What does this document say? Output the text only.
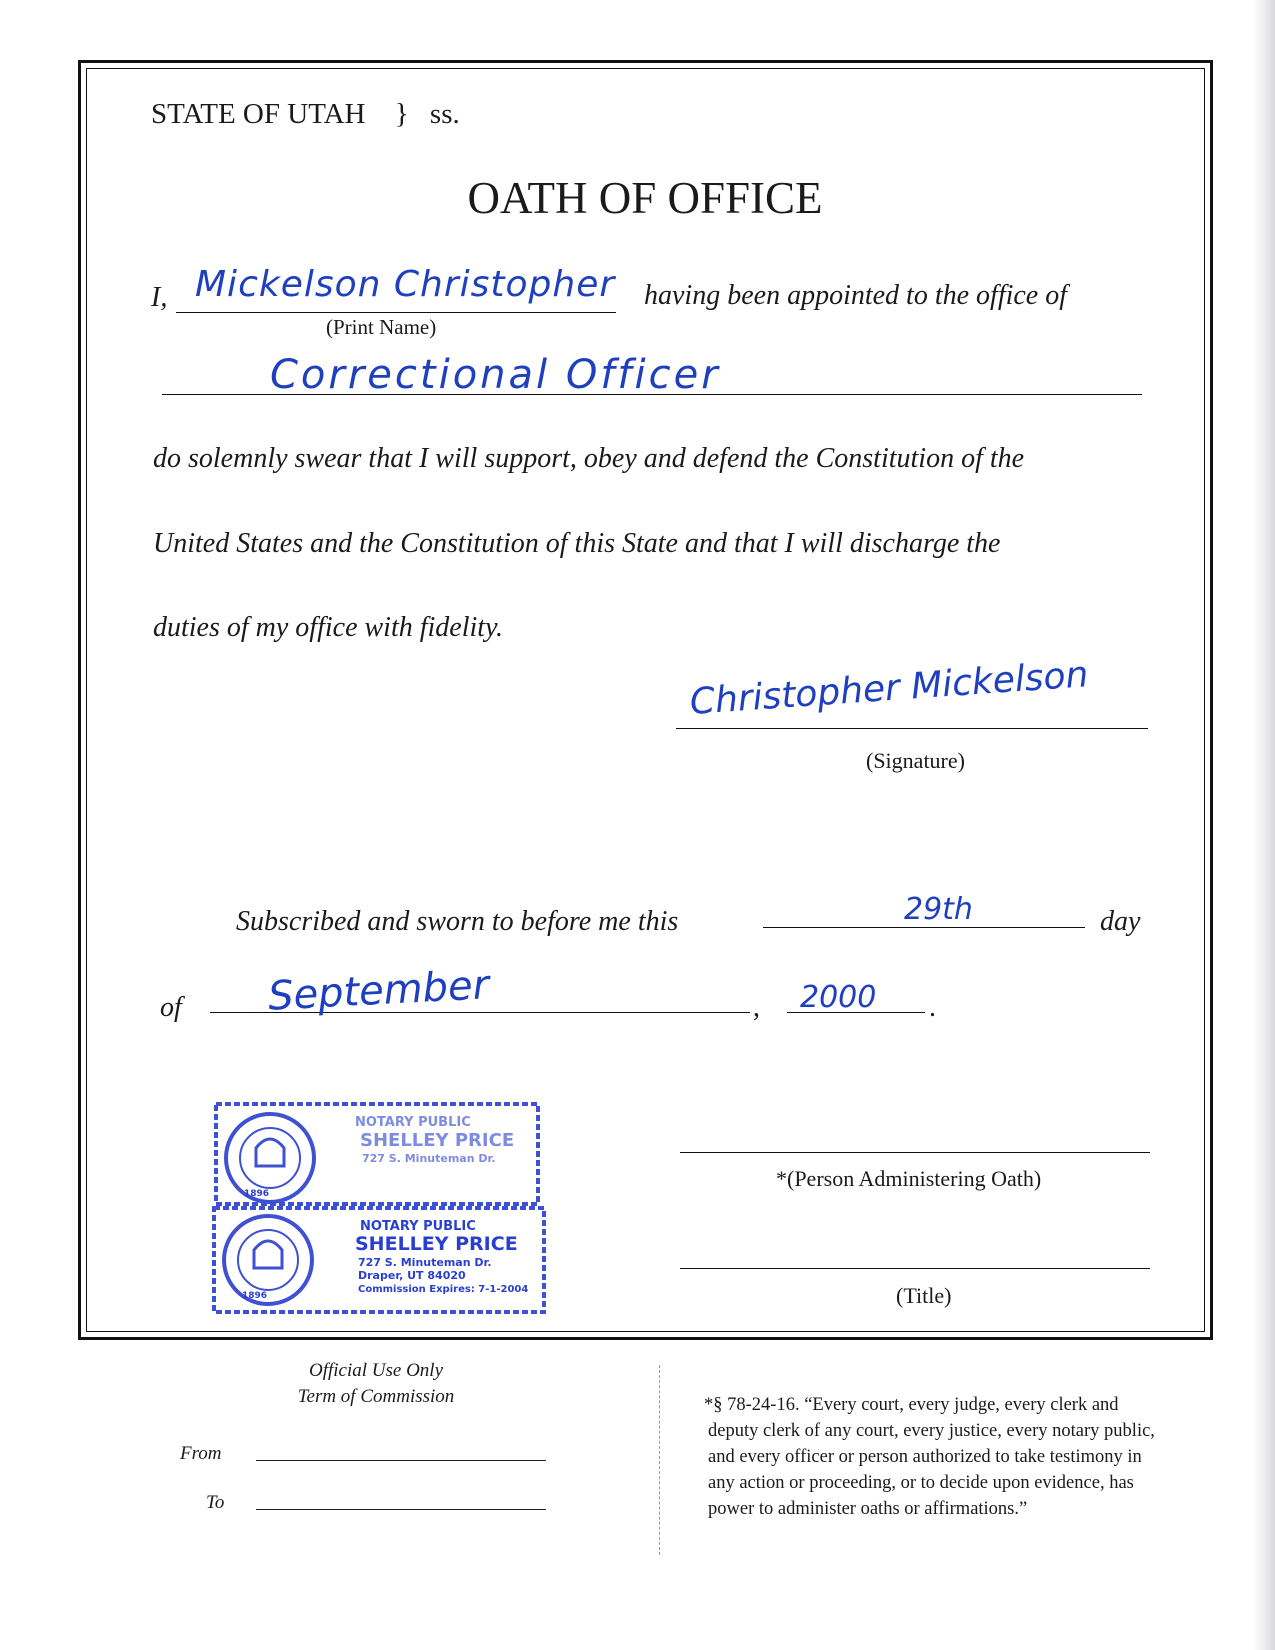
STATE OF UTAH } ss.
OATH OF OFFICE
I, Mickelson Christopher
(Print Name)
having been appointed to the office of
Correctional Officer
do solemnly swear that I will support, obey and defend the Constitution of the
United States and the Constitution of this State and that I will discharge the
duties of my office with fidelity.
Christopher Mickelson
(Signature)
Subscribed and sworn to before me this	29th	day
of September	, 2000 .
NOTARY PUBLIC
SHELLEY PRICE
727 S. Minuteman Dr.
NOTARY PUBLIC
SHELLEY PRICE
727 S. Minuteman Dr.
Draper, UT 84020
Commission Expires: 7-1-2004
1896
1896
*(Person Administering Oath)
(Title)
Official Use Only
Term of Commission
From
To
*§ 78-24-16. “Every court, every judge, every clerk and
deputy clerk of any court, every justice, every notary public,
and every officer or person authorized to take testimony in
any action or proceeding, or to decide upon evidence, has
power to administer oaths or affirmations.”
